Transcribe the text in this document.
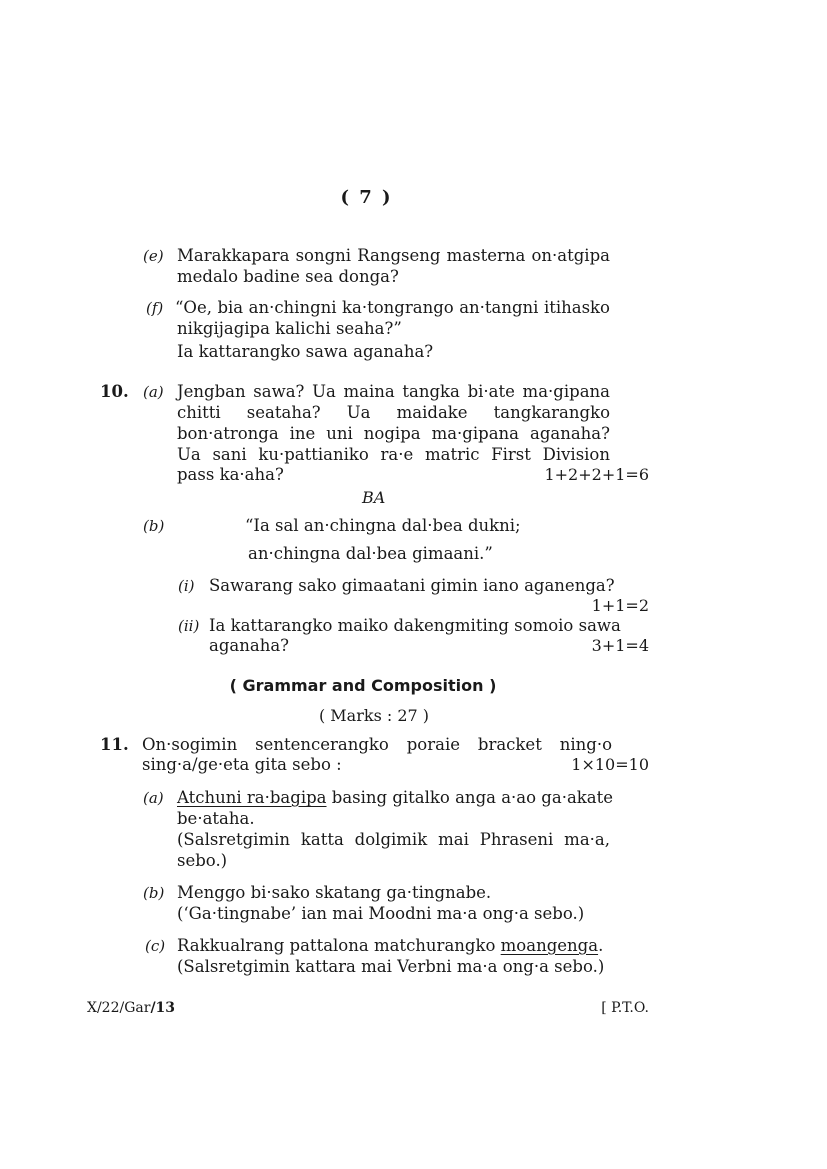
( 7 )
(e) Marakkapara songni Rangseng masterna on·atgipa
medalo badine sea donga?
(f) “Oe, bia an·chingni ka·tongrango an·tangni itihasko
nikgijagipa kalichi seaha?”
Ia kattarangko sawa aganaha?
10. (a) Jengban sawa? Ua maina tangka bi·ate ma·gipana
chitti seataha? Ua maidake tangkarangko
bon·atronga ine uni nogipa ma·gipana aganaha?
Ua sani ku·pattianiko ra·e matric First Division
pass ka·aha?	1+2+2+1=6
BA
(b)	“Ia sal an·chingna dal·bea dukni;
an·chingna dal·bea gimaani.”
(i) Sawarang sako gimaatani gimin iano aganenga?
1+1=2
(ii) Ia kattarangko maiko dakengmiting somoio sawa
aganaha?	3+1=4
( Grammar and Composition )
( Marks : 27 )
11. On·sogimin sentencerangko poraie bracket ning·o
sing·a/ge·eta gita sebo :	1×10=10
(a) Atchuni ra·bagipa basing gitalko anga a·ao ga·akate
be·ataha.
(Salsretgimin katta dolgimik mai Phraseni ma·a,
sebo.)
(b) Menggo bi·sako skatang ga·tingnabe.
(‘Ga·tingnabe’ ian mai Moodni ma·a ong·a sebo.)
(c) Rakkualrang pattalona matchurangko moangenga.
(Salsretgimin kattara mai Verbni ma·a ong·a sebo.)
X/22/Gar/13	[ P.T.O.
